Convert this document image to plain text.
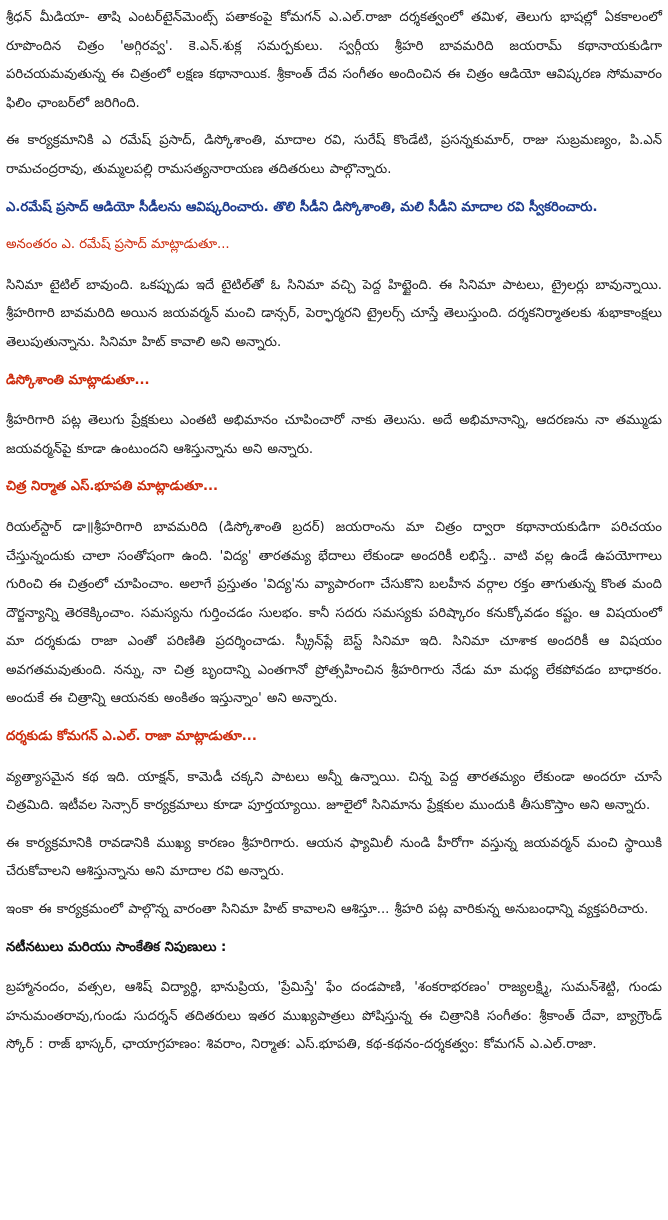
శ్రీధన్ మీడియా- తాషి ఎంటర్‌టైన్‌మెంట్స్ పతాకంపై కోమగన్ ఎ.ఎల్.రాజా దర్శకత్వంలో తమిళ, తెలుగు భాషల్లో ఏకకాలంలో రూపొందిన చిత్రం 'అగ్గిరవ్వ'. కె.ఎన్.శుక్ల సమర్పకులు. స్వర్గీయ శ్రీహరి బావమరిది జయరామ్ కథానాయకుడిగా పరిచయమవుతున్న ఈ చిత్రంలో లక్షణ కథానాయిక. శ్రీకాంత్ దేవ సంగీతం అందించిన ఈ చిత్రం ఆడియో ఆవిష్కరణ సోమవారం ఫిలిం ఛాంబర్‌లో జరిగింది.

ఈ కార్యక్రమానికి ఎ రమేష్ ప్రసాద్, డిస్కోశాంతి, మాదాల రవి, సురేష్ కొండేటి, ప్రసన్నకుమార్, రాజు సుబ్రమణ్యం, పి.ఎన్ రామచంద్రరావు, తుమ్మలపల్లి రామసత్యనారాయణ తదితరులు పాల్గొన్నారు.

ఎ.రమేష్ ప్రసాద్ ఆడియో సీడీలను ఆవిష్కరించారు. తొలి సీడీని డిస్కోశాంతి, మలి సీడీని మాదాల రవి స్వీకరించారు.

అనంతరం ఎ. రమేష్ ప్రసాద్ మాట్లాడుతూ...

సినిమా టైటిల్ బావుంది. ఒకప్పుడు ఇదే టైటిల్‌తో ఓ సినిమా వచ్చి పెద్ద హిట్టైంది. ఈ సినిమా పాటలు, ట్రైలర్లు బావున్నాయి. శ్రీహరిగారి బావమరిది అయిన జయవర్మన్ మంచి డాన్సర్, పెర్ఫార్మరని ట్రైలర్స్ చూస్తే తెలుస్తుంది. దర్శకనిర్మాతలకు శుభాకాంక్షలు తెలుపుతున్నాను. సినిమా హిట్ కావాలి అని అన్నారు.

డిస్కోశాంతి మాట్లాడుతూ...

శ్రీహరిగారి పట్ల తెలుగు ప్రేక్షకులు ఎంతటి అభిమానం చూపించారో నాకు తెలుసు. అదే అభిమానాన్ని, ఆదరణను నా తమ్ముడు జయవర్మన్‌పై కూడా ఉంటుందని ఆశిస్తున్నాను అని అన్నారు.

చిత్ర నిర్మాత ఎస్.భూపతి మాట్లాడుతూ...

రియల్‌స్టార్ డా॥శ్రీహరిగారి బావమరిది (డిస్కోశాంతి బ్రదర్) జయరాంను మా చిత్రం ద్వారా కథానాయకుడిగా పరిచయం చేస్తున్నందుకు చాలా సంతోషంగా ఉంది. 'విద్య' తారతమ్య భేదాలు లేకుండా అందరికీ లభిస్తే.. వాటి వల్ల ఉండే ఉపయోగాలు గురించి ఈ చిత్రంలో చూపించాం. అలాగే ప్రస్తుతం 'విద్య'ను వ్యాపారంగా చేసుకొని బలహీన వర్గాల రక్తం తాగుతున్న కొంత మంది దౌర్జన్యాన్ని తెరకెక్కించాం. సమస్యను గుర్తించడం సులభం. కానీ సదరు సమస్యకు పరిష్కారం కనుక్కోవడం కష్టం. ఆ విషయంలో మా దర్శకుడు రాజా ఎంతో పరిణితి ప్రదర్శించాడు. స్క్రీన్‌ప్లే బెస్ట్ సినిమా ఇది. సినిమా చూశాక అందరికీ ఆ విషయం అవగతమవుతుంది. నన్ను, నా చిత్ర బృందాన్ని ఎంతగానో ప్రోత్సహించిన శ్రీహరిగారు నేడు మా మధ్య లేకపోవడం బాధాకరం. అందుకే ఈ చిత్రాన్ని ఆయనకు అంకితం ఇస్తున్నాం' అని అన్నారు.

దర్శకుడు కోమగన్ ఎ.ఎల్. రాజా మాట్లాడుతూ...

వ్యత్యాసమైన కథ ఇది. యాక్షన్, కామెడీ చక్కని పాటలు అన్నీ ఉన్నాయి. చిన్న పెద్ద తారతమ్యం లేకుండా అందరూ చూసే చిత్రమిది. ఇటీవల సెన్సార్ కార్యక్రమాలు కూడా పూర్తయ్యాయి. జూలైలో సినిమాను ప్రేక్షకుల ముందుకి తీసుకొస్తాం అని అన్నారు.

ఈ కార్యక్రమానికి రావడానికి ముఖ్య కారణం శ్రీహరిగారు. ఆయన ఫ్యామిలీ నుండి హీరోగా వస్తున్న జయవర్మన్ మంచి స్థాయికి చేరుకోవాలని ఆశిస్తున్నాను అని మాదాల రవి అన్నారు.

ఇంకా ఈ కార్యక్రమంలో పాల్గొన్న వారంతా సినిమా హిట్ కావాలని ఆశిస్తూ... శ్రీహరి పట్ల వారికున్న అనుబంధాన్ని వ్యక్తపరిచారు.

నటీనటులు మరియు సాంకేతిక నిపుణులు :

బ్రహ్మానందం, వత్సల, ఆశిష్ విద్యార్థి, భానుప్రియ, 'ప్రేమిస్తే' ఫేం దండపాణి, 'శంకరాభరణం' రాజ్యలక్ష్మి, సుమన్‌శెట్టి, గుండు హనుమంతరావు,గుండు సుదర్శన్ తదితరులు ఇతర ముఖ్యపాత్రలు పోషిస్తున్న ఈ చిత్రానికి సంగీతం: శ్రీకాంత్ దేవా, బ్యాగ్రౌండ్ స్కోర్ : రాజ్ భాస్కర్, ఛాయాగ్రహణం: శివరాం, నిర్మాత: ఎస్.భూపతి, కథ-కథనం-దర్శకత్వం: కోమగన్ ఎ.ఎల్.రాజా.
